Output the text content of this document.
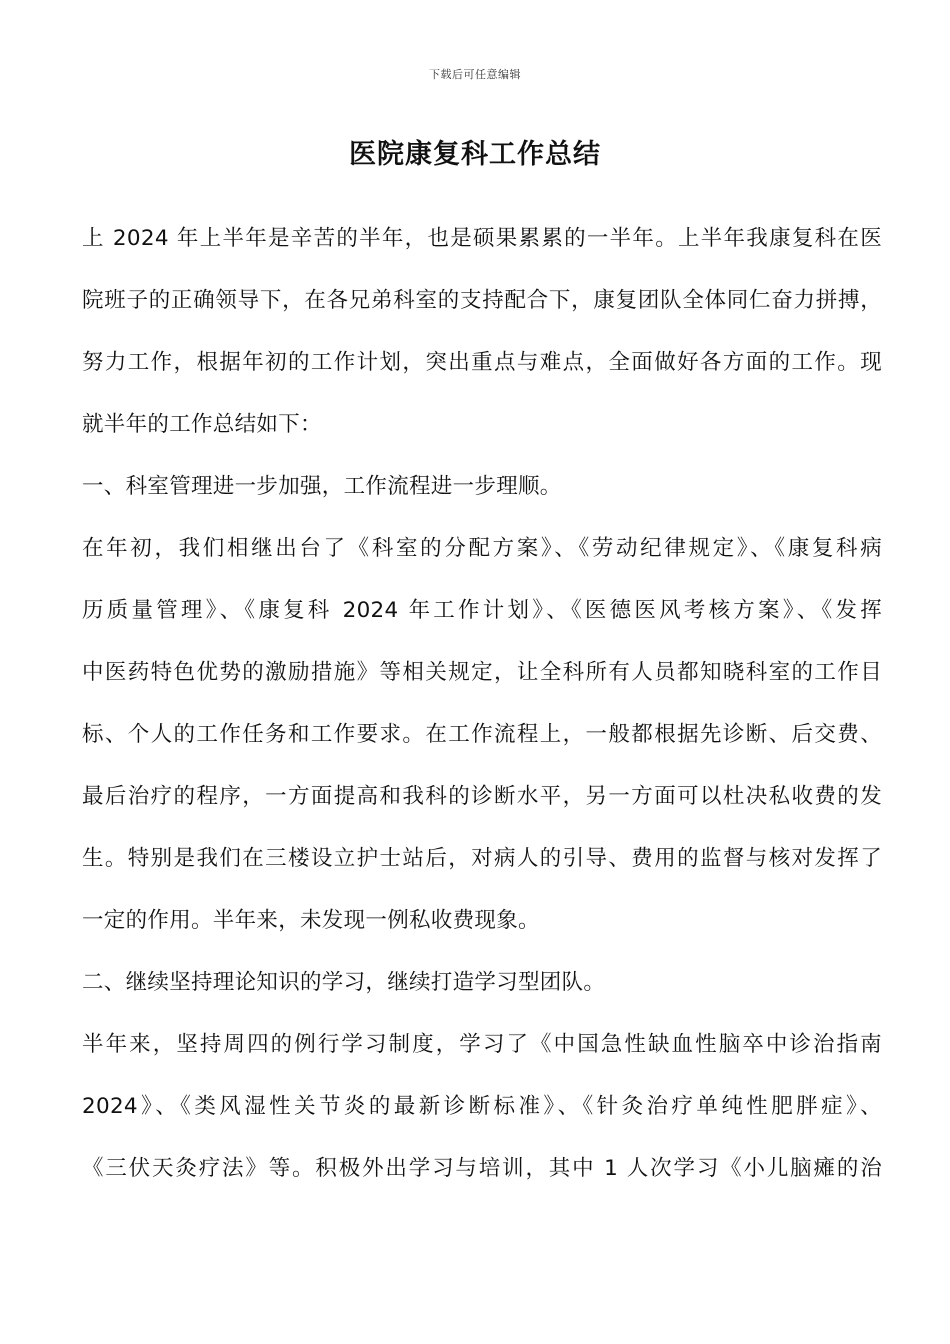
下载后可任意编辑
医院康复科工作总结
上 2024 年上半年是辛苦的半年，也是硕果累累的一半年。上半年我康复科在医
院班子的正确领导下，在各兄弟科室的支持配合下，康复团队全体同仁奋力拼搏，
努力工作，根据年初的工作计划，突出重点与难点，全面做好各方面的工作。现
就半年的工作总结如下：
一、科室管理进一步加强，工作流程进一步理顺。
在年初，我们相继出台了《科室的分配方案》、《劳动纪律规定》、《康复科病
历质量管理》、《康复科 2024 年工作计划》、《医德医风考核方案》、《发挥
中医药特色优势的激励措施》等相关规定，让全科所有人员都知晓科室的工作目
标、个人的工作任务和工作要求。在工作流程上，一般都根据先诊断、后交费、
最后治疗的程序，一方面提高和我科的诊断水平，另一方面可以杜决私收费的发
生。特别是我们在三楼设立护士站后，对病人的引导、费用的监督与核对发挥了
一定的作用。半年来，未发现一例私收费现象。
二、继续坚持理论知识的学习，继续打造学习型团队。
半年来，坚持周四的例行学习制度，学习了《中国急性缺血性脑卒中诊治指南
2024》、《类风湿性关节炎的最新诊断标准》、《针灸治疗单纯性肥胖症》、
《三伏天灸疗法》等。积极外出学习与培训，其中 1 人次学习《小儿脑瘫的治
